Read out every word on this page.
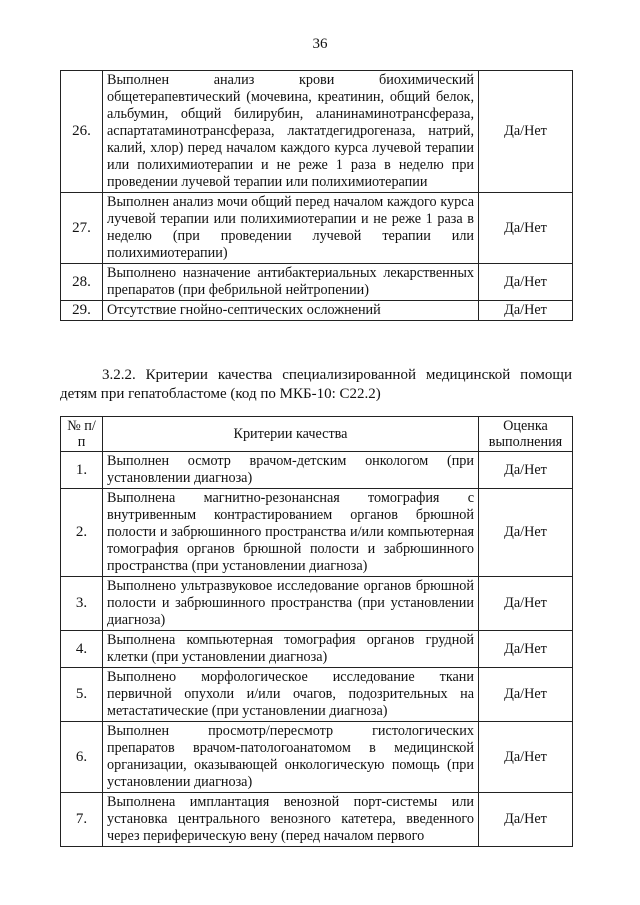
36
26.	Выполнен анализ крови биохимический общетерапевтический (мочевина, креатинин, общий белок, альбумин, общий билирубин, аланинаминотрансфераза, аспартатаминотрансфераза, лактатдегидрогеназа, натрий, калий, хлор) перед началом каждого курса лучевой терапии или полихимиотерапии и не реже 1 раза в неделю при проведении лучевой терапии или полихимиотерапии	Да/Нет
27.	Выполнен анализ мочи общий перед началом каждого курса лучевой терапии или полихимиотерапии и не реже 1 раза в неделю (при проведении лучевой терапии или полихимиотерапии)	Да/Нет
28.	Выполнено назначение антибактериальных лекарственных препаратов (при фебрильной нейтропении)	Да/Нет
29.	Отсутствие гнойно-септических осложнений	Да/Нет
3.2.2. Критерии качества специализированной медицинской помощи детям при гепатобластоме (код по МКБ-10: C22.2)
№ п/п	Критерии качества	Оценка выполнения
1.	Выполнен осмотр врачом-детским онкологом (при установлении диагноза)	Да/Нет
2.	Выполнена магнитно-резонансная томография с внутривенным контрастированием органов брюшной полости и забрюшинного пространства и/или компьютерная томография органов брюшной полости и забрюшинного пространства (при установлении диагноза)	Да/Нет
3.	Выполнено ультразвуковое исследование органов брюшной полости и забрюшинного пространства (при установлении диагноза)	Да/Нет
4.	Выполнена компьютерная томография органов грудной клетки (при установлении диагноза)	Да/Нет
5.	Выполнено морфологическое исследование ткани первичной опухоли и/или очагов, подозрительных на метастатические (при установлении диагноза)	Да/Нет
6.	Выполнен просмотр/пересмотр гистологических препаратов врачом-патологоанатомом в медицинской организации, оказывающей онкологическую помощь (при установлении диагноза)	Да/Нет
7.	Выполнена имплантация венозной порт-системы или установка центрального венозного катетера, введенного через периферическую вену (перед началом первого	Да/Нет
